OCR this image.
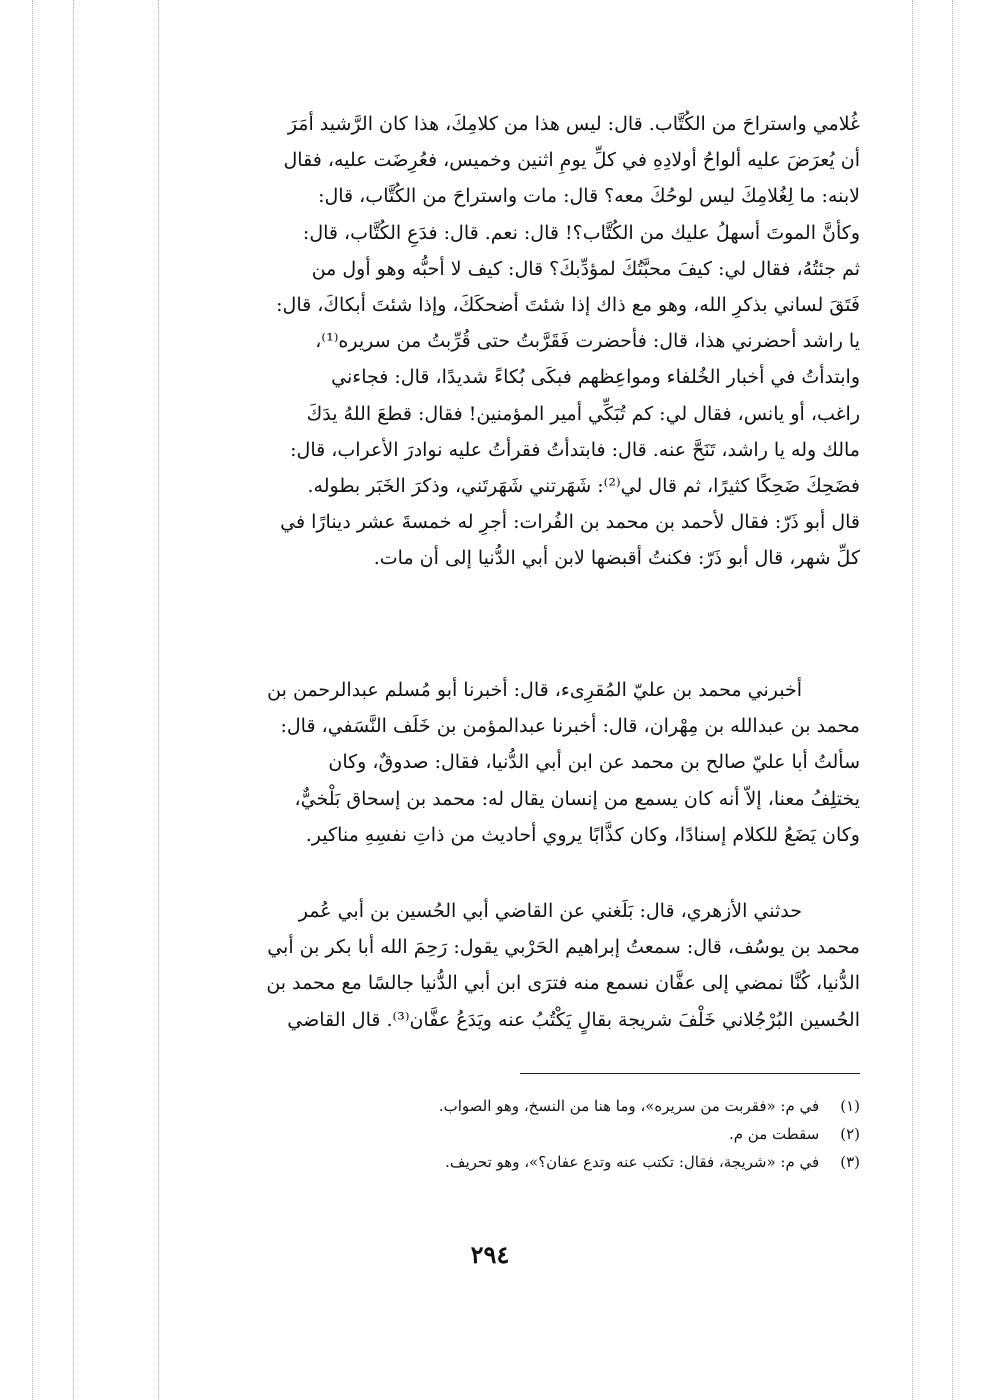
غُلامي واستراحَ من الكُتَّاب. قال: ليس هذا من كلامِكَ، هذا كان الرَّشيد أمَرَ
أن يُعرَضَ عليه ألواحُ أولادِهِ في كلِّ يومِ اثنين وخميس، فعُرِضَت عليه، فقال
لابنه: ما لِغُلامِكَ ليس لوحُكَ معه؟ قال: مات واستراحَ من الكُتَّاب، قال:
وكأنَّ الموتَ أسهلُ عليك من الكُتَّاب؟! قال: نعم. قال: فدَعِ الكُتَّاب، قال:
ثم جئتُهُ، فقال لي: كيفَ محبَّتُكَ لمؤدِّبكَ؟ قال: كيف لا أحبُّه وهو أول من
فَتَقَ لساني بذكرِ الله، وهو مع ذاك إذا شئتَ أضحكَكَ، وإذا شئتَ أبكاكَ، قال:
يا راشد أحضرني هذا، قال: فأحضرت فَقَرَّبتُ حتى قُرِّبتُ من سريره⁽¹⁾،
وابتدأتُ في أخبار الخُلفاء ومواعِظهم فبكَى بُكاءً شديدًا، قال: فجاءني
راغب، أو يانس، فقال لي: كم تُبَكِّي أمير المؤمنين! فقال: قطعَ اللهُ يدَكَ
مالك وله يا راشد، تَنَحَّ عنه. قال: فابتدأتُ فقرأتُ عليه نوادرَ الأعراب، قال:
فضَحِكَ ضَحِكًا كثيرًا، ثم قال لي⁽²⁾: شَهَرتني شَهَرتَني، وذكرَ الخَبَر بطوله.
قال أبو ذَرّ: فقال لأحمد بن محمد بن الفُرات: أجرِ له خمسةَ عشر دينارًا في
كلِّ شهر، قال أبو ذَرّ: فكنتُ أقبضها لابن أبي الدُّنيا إلى أن مات.
أخبرني محمد بن عليّ المُقرِىء، قال: أخبرنا أبو مُسلم عبدالرحمن بن
محمد بن عبدالله بن مِهْران، قال: أخبرنا عبدالمؤمن بن خَلَف النَّسَفي، قال:
سألتُ أبا عليّ صالح بن محمد عن ابن أبي الدُّنيا، فقال: صدوقٌ، وكان
يختلِفُ معنا، إلاّ أنه كان يسمع من إنسان يقال له: محمد بن إسحاق بَلْخيٌّ،
وكان يَضَعُ للكلام إسنادًا، وكان كذَّابًا يروي أحاديث من ذاتِ نفسِهِ مناكير.
حدثني الأزهري، قال: بَلَغني عن القاضي أبي الحُسين بن أبي عُمر
محمد بن يوسُف، قال: سمعتُ إبراهيم الحَرْبي يقول: رَحِمَ الله أبا بكر بن أبي
الدُّنيا، كُنَّا نمضي إلى عفَّان نسمع منه فترَى ابن أبي الدُّنيا جالسًا مع محمد بن
الحُسين البُرْجُلاني خَلْفَ شريجة بقالٍ يَكْتُبُ عنه ويَدَعُ عفَّان⁽³⁾. قال القاضي
(١) في م: «فقربت من سريره»، وما هنا من النسخ، وهو الصواب.
(٢) سقطت من م.
(٣) في م: «شريجة، فقال: تكتب عنه وتدع عفان؟»، وهو تحريف.
٢٩٤
